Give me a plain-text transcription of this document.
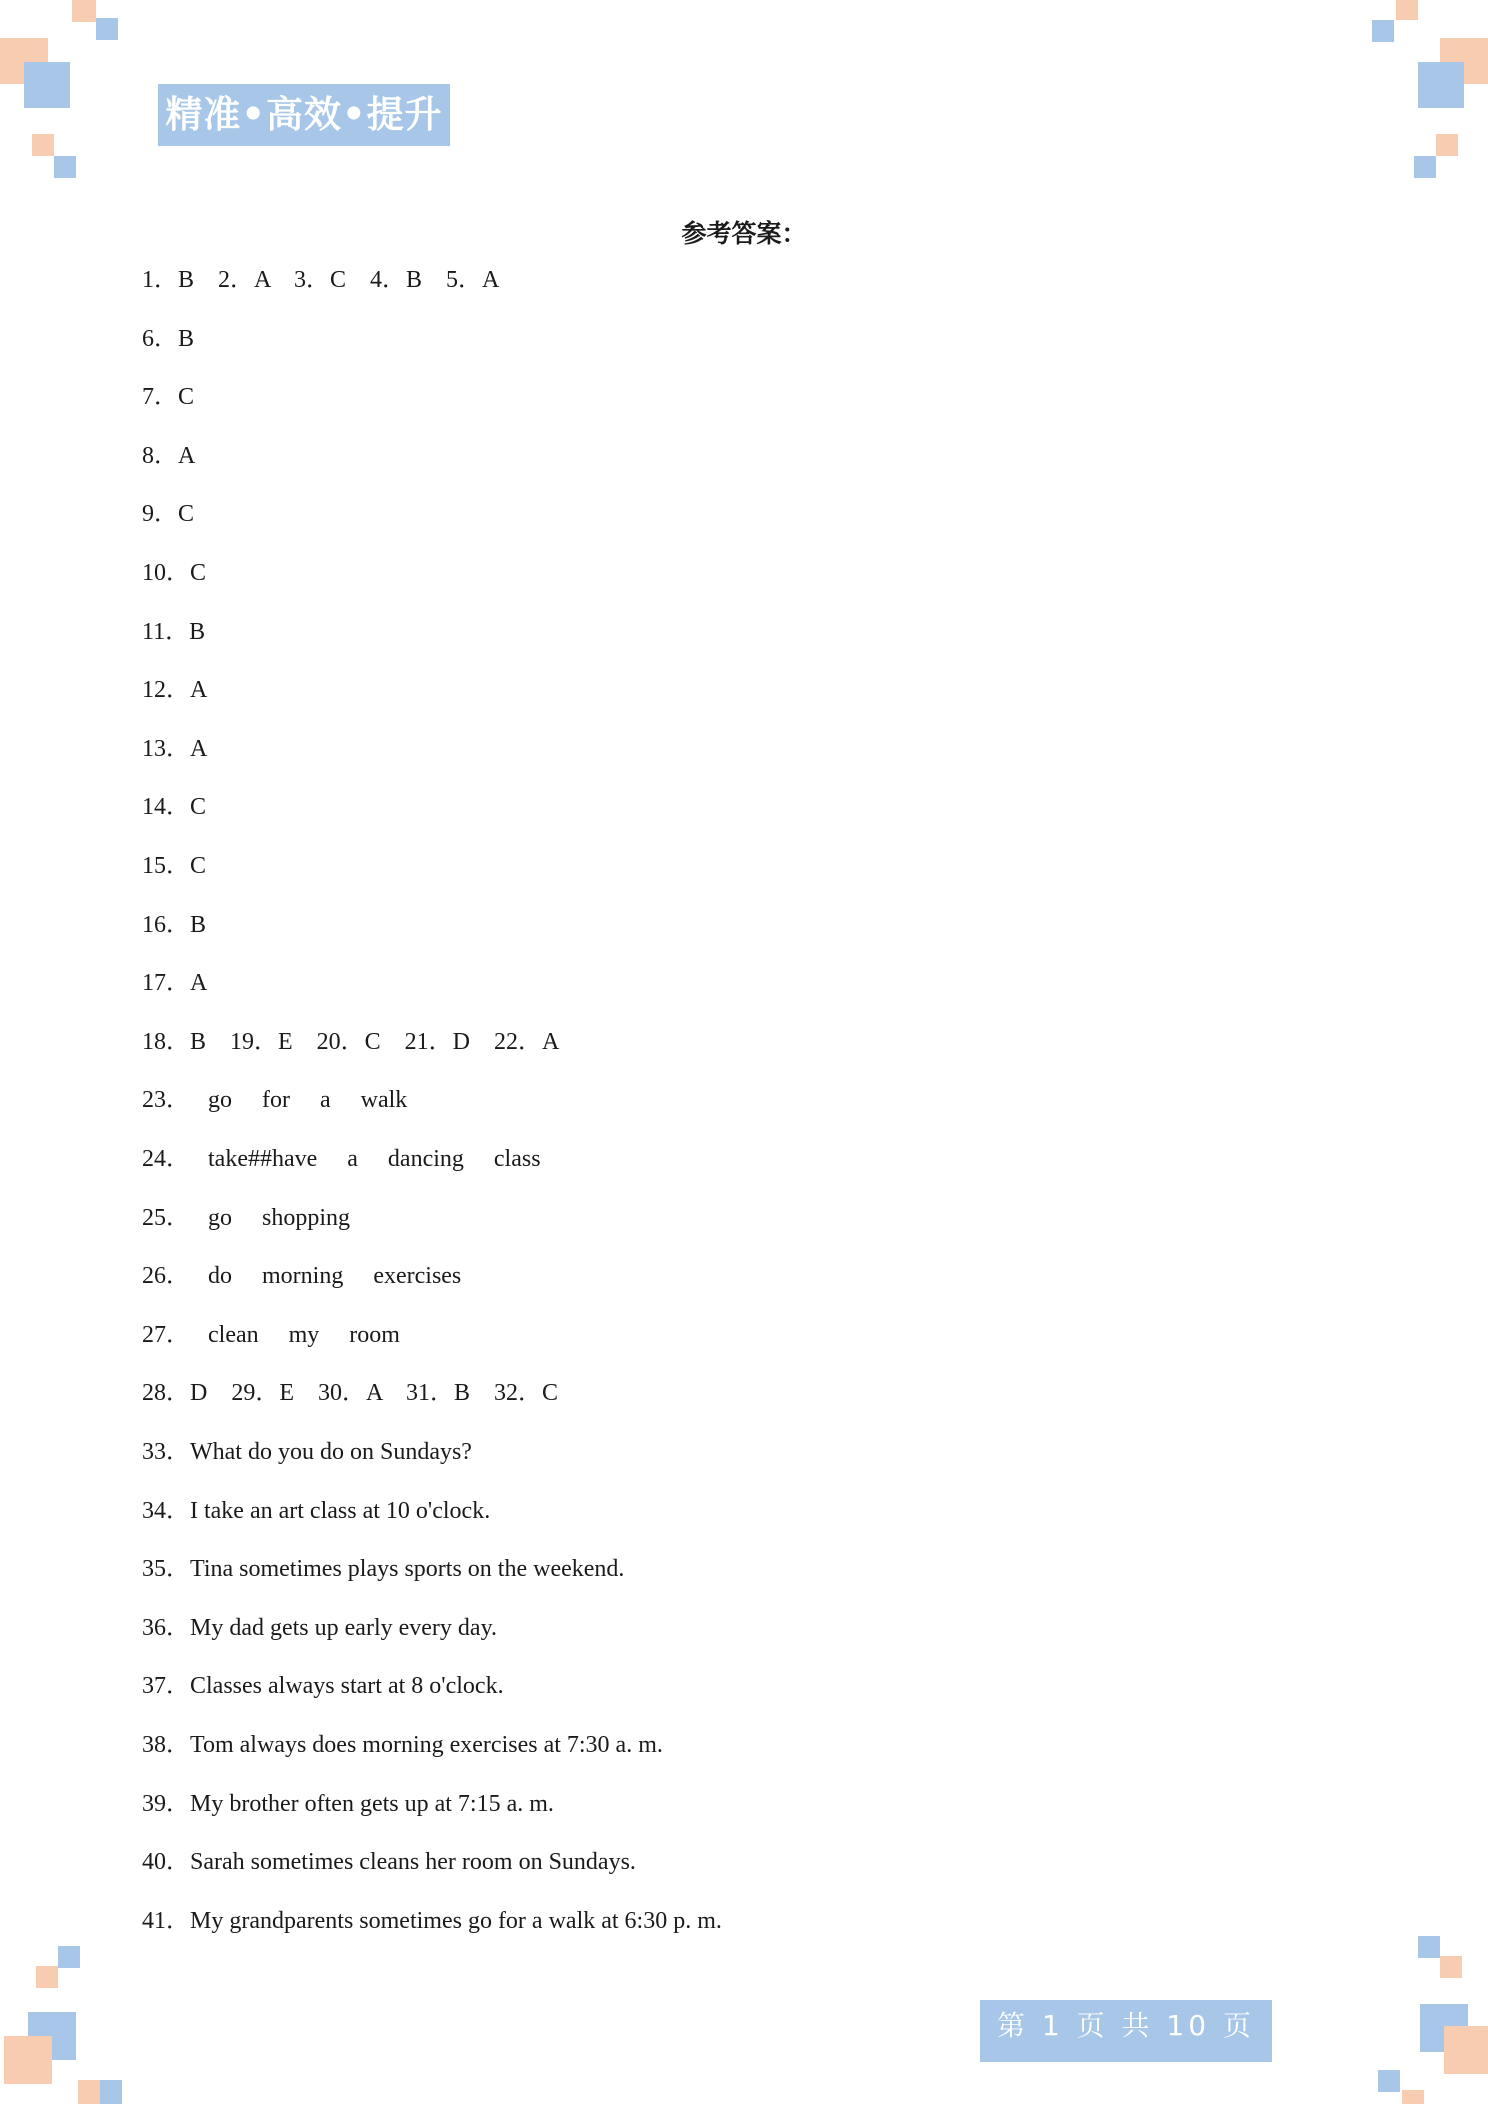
精准•高效•提升
参考答案：
1．B　2．A　3．C　4．B　5．A
6．B
7．C
8．A
9．C
10．C
11．B
12．A
13．A
14．C
15．C
16．B
17．A
18．B　19．E　20．C　21．D　22．A
23．　 go　 for　 a　 walk
24．　 take##have　 a　 dancing　 class
25．　 go　 shopping
26．　 do　 morning　 exercises
27．　 clean　 my　 room
28．D　29．E　30．A　31．B　32．C
33．What do you do on Sundays?
34．I take an art class at 10 o'clock.
35．Tina sometimes plays sports on the weekend.
36．My dad gets up early every day.
37．Classes always start at 8 o'clock.
38．Tom always does morning exercises at 7:30 a. m.
39．My brother often gets up at 7:15 a. m.
40．Sarah sometimes cleans her room on Sundays.
41．My grandparents sometimes go for a walk at 6:30 p. m.
第 1 页 共 10 页
